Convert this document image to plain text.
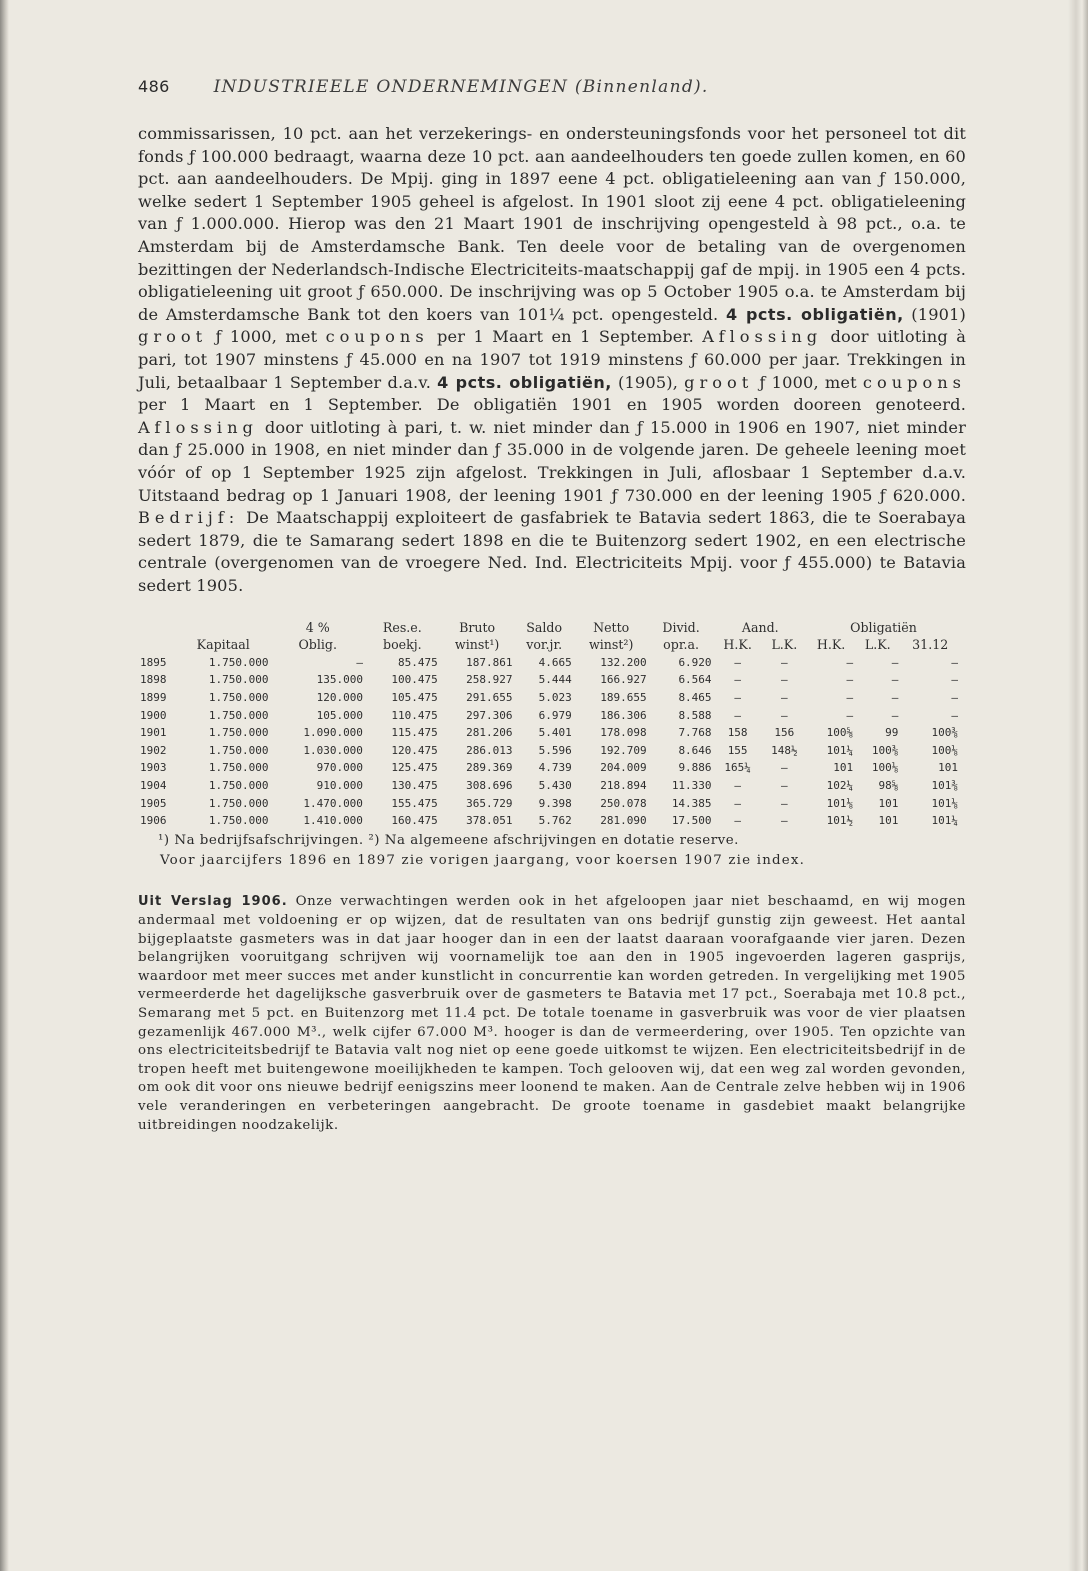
486	INDUSTRIEELE ONDERNEMINGEN (Binnenland).

commissarissen, 10 pct. aan het verzekerings- en ondersteuningsfonds voor het personeel tot dit fonds ƒ 100.000 bedraagt, waarna deze 10 pct. aan aandeelhouders ten goede zullen komen, en 60 pct. aan aandeelhouders. De Mpij. ging in 1897 eene 4 pct. obligatieleening aan van ƒ 150.000, welke sedert 1 September 1905 geheel is afgelost. In 1901 sloot zij eene 4 pct. obligatieleening van ƒ 1.000.000. Hierop was den 21 Maart 1901 de inschrijving opengesteld à 98 pct., o.a. te Amsterdam bij de Amsterdamsche Bank. Ten deele voor de betaling van de overgenomen bezittingen der Nederlandsch-Indische Electriciteits-maatschappij gaf de mpij. in 1905 een 4 pcts. obligatieleening uit groot ƒ 650.000. De inschrijving was op 5 October 1905 o.a. te Amsterdam bij de Amsterdamsche Bank tot den koers van 101¼ pct. opengesteld. 4 pcts. obligatiën, (1901) groot ƒ 1000, met coupons per 1 Maart en 1 September. Aflossing door uitloting à pari, tot 1907 minstens ƒ 45.000 en na 1907 tot 1919 minstens ƒ 60.000 per jaar. Trekkingen in Juli, betaalbaar 1 September d.a.v. 4 pcts. obligatiën, (1905), groot ƒ 1000, met coupons per 1 Maart en 1 September. De obligatiën 1901 en 1905 worden dooreen genoteerd. Aflossing door uitloting à pari, t. w. niet minder dan ƒ 15.000 in 1906 en 1907, niet minder dan ƒ 25.000 in 1908, en niet minder dan ƒ 35.000 in de volgende jaren. De geheele leening moet vóór of op 1 September 1925 zijn afgelost. Trekkingen in Juli, aflosbaar 1 September d.a.v. Uitstaand bedrag op 1 Januari 1908, der leening 1901 ƒ 730.000 en der leening 1905 ƒ 620.000. Bedrijf: De Maatschappij exploiteert de gasfabriek te Batavia sedert 1863, die te Soerabaya sedert 1879, die te Samarang sedert 1898 en die te Buitenzorg sedert 1902, en een electrische centrale (overgenomen van de vroegere Ned. Ind. Electriciteits Mpij. voor ƒ 455.000) te Batavia sedert 1905.

		4 %	Res.e.	Bruto	Saldo	Netto	Divid.	Aand.		Obligatiën		
	Kapitaal	Oblig.	boekj.	winst¹)	vor.jr.	winst²)	opr.a.	H.K.	L.K.	H.K.	L.K.	31.12
1895	1.750.000	—	85.475	187.861	4.665	132.200	6.920	—	—	—	—	—
1898	1.750.000	135.000	100.475	258.927	5.444	166.927	6.564	—	—	—	—	—
1899	1.750.000	120.000	105.475	291.655	5.023	189.655	8.465	—	—	—	—	—
1900	1.750.000	105.000	110.475	297.306	6.979	186.306	8.588	—	—	—	—	—
1901	1.750.000	1.090.000	115.475	281.206	5.401	178.098	7.768	158	156	100⅝	99	100⅜
1902	1.750.000	1.030.000	120.475	286.013	5.596	192.709	8.646	155	148½	101¼	100⅜	100⅛
1903	1.750.000	970.000	125.475	289.369	4.739	204.009	9.886	165¼	—	101	100⅛	101
1904	1.750.000	910.000	130.475	308.696	5.430	218.894	11.330	—	—	102¼	98⅝	101⅜
1905	1.750.000	1.470.000	155.475	365.729	9.398	250.078	14.385	—	—	101⅛	101	101⅛
1906	1.750.000	1.410.000	160.475	378.051	5.762	281.090	17.500	—	—	101½	101	101¼

¹) Na bedrijfsafschrijvingen. ²) Na algemeene afschrijvingen en dotatie reserve.

Voor jaarcijfers 1896 en 1897 zie vorigen jaargang, voor koersen 1907 zie index.

Uit Verslag 1906. Onze verwachtingen werden ook in het afgeloopen jaar niet beschaamd, en wij mogen andermaal met voldoening er op wijzen, dat de resultaten van ons bedrijf gunstig zijn geweest. Het aantal bijgeplaatste gasmeters was in dat jaar hooger dan in een der laatst daaraan voorafgaande vier jaren. Dezen belangrijken vooruitgang schrijven wij voornamelijk toe aan den in 1905 ingevoerden lageren gasprijs, waardoor met meer succes met ander kunstlicht in concurrentie kan worden getreden. In vergelijking met 1905 vermeerderde het dagelijksche gasverbruik over de gasmeters te Batavia met 17 pct., Soerabaja met 10.8 pct., Semarang met 5 pct. en Buitenzorg met 11.4 pct. De totale toename in gasverbruik was voor de vier plaatsen gezamenlijk 467.000 M³., welk cijfer 67.000 M³. hooger is dan de vermeerdering, over 1905. Ten opzichte van ons electriciteitsbedrijf te Batavia valt nog niet op eene goede uitkomst te wijzen. Een electriciteitsbedrijf in de tropen heeft met buitengewone moeilijkheden te kampen. Toch gelooven wij, dat een weg zal worden gevonden, om ook dit voor ons nieuwe bedrijf eenigszins meer loonend te maken. Aan de Centrale zelve hebben wij in 1906 vele veranderingen en verbeteringen aangebracht. De groote toename in gasdebiet maakt belangrijke uitbreidingen noodzakelijk.
